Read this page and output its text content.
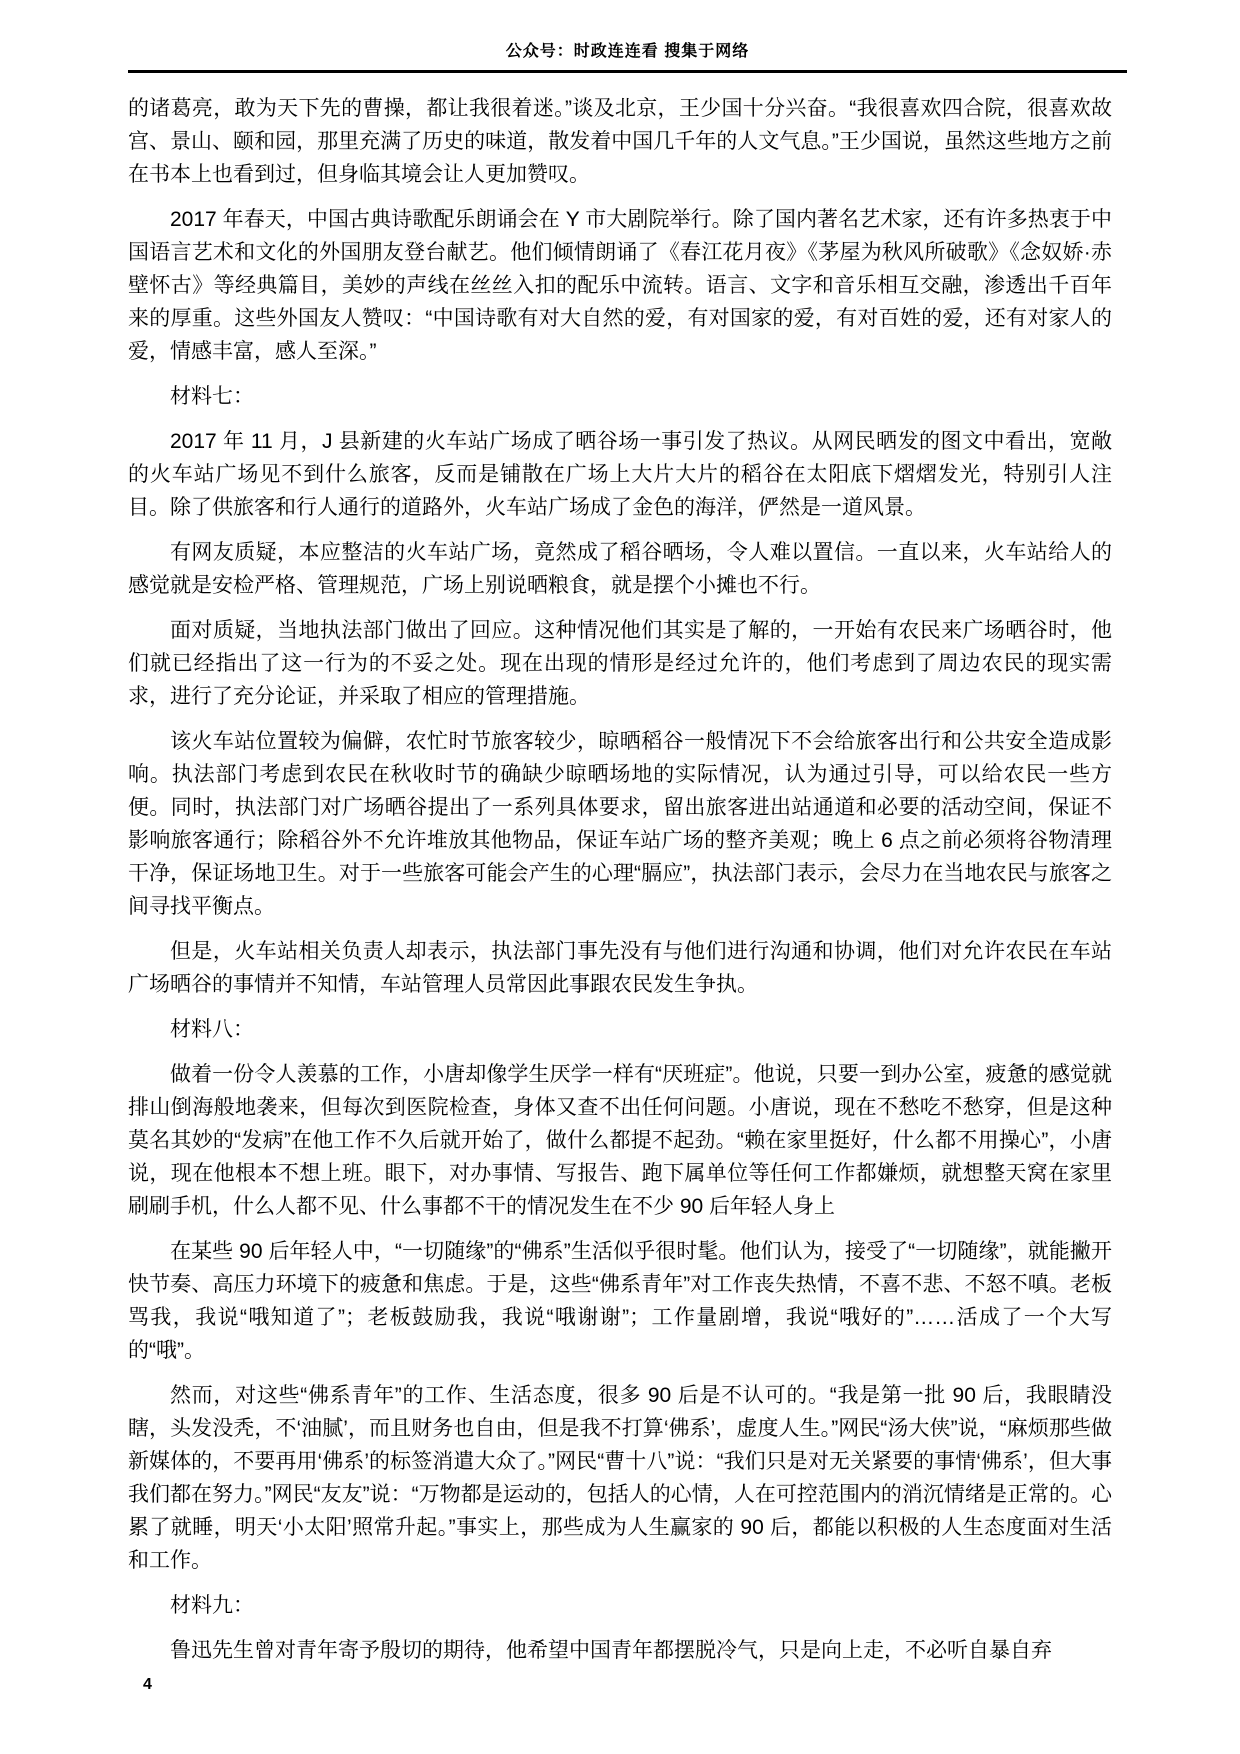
公众号：时政连连看 搜集于网络

的诸葛亮，敢为天下先的曹操，都让我很着迷。”谈及北京，王少国十分兴奋。“我很喜欢四合院，很喜欢故宫、景山、颐和园，那里充满了历史的味道，散发着中国几千年的人文气息。”王少国说，虽然这些地方之前在书本上也看到过，但身临其境会让人更加赞叹。

2017 年春天，中国古典诗歌配乐朗诵会在 Y 市大剧院举行。除了国内著名艺术家，还有许多热衷于中国语言艺术和文化的外国朋友登台献艺。他们倾情朗诵了《春江花月夜》《茅屋为秋风所破歌》《念奴娇·赤壁怀古》等经典篇目，美妙的声线在丝丝入扣的配乐中流转。语言、文字和音乐相互交融，渗透出千百年来的厚重。这些外国友人赞叹：“中国诗歌有对大自然的爱，有对国家的爱，有对百姓的爱，还有对家人的爱，情感丰富，感人至深。”

材料七：

2017 年 11 月，J 县新建的火车站广场成了晒谷场一事引发了热议。从网民晒发的图文中看出，宽敞的火车站广场见不到什么旅客，反而是铺散在广场上大片大片的稻谷在太阳底下熠熠发光，特别引人注目。除了供旅客和行人通行的道路外，火车站广场成了金色的海洋，俨然是一道风景。

有网友质疑，本应整洁的火车站广场，竟然成了稻谷晒场，令人难以置信。一直以来，火车站给人的感觉就是安检严格、管理规范，广场上别说晒粮食，就是摆个小摊也不行。

面对质疑，当地执法部门做出了回应。这种情况他们其实是了解的，一开始有农民来广场晒谷时，他们就已经指出了这一行为的不妥之处。现在出现的情形是经过允许的，他们考虑到了周边农民的现实需求，进行了充分论证，并采取了相应的管理措施。

该火车站位置较为偏僻，农忙时节旅客较少，晾晒稻谷一般情况下不会给旅客出行和公共安全造成影响。执法部门考虑到农民在秋收时节的确缺少晾晒场地的实际情况，认为通过引导，可以给农民一些方便。同时，执法部门对广场晒谷提出了一系列具体要求，留出旅客进出站通道和必要的活动空间，保证不影响旅客通行；除稻谷外不允许堆放其他物品，保证车站广场的整齐美观；晚上 6 点之前必须将谷物清理干净，保证场地卫生。对于一些旅客可能会产生的心理“膈应”，执法部门表示，会尽力在当地农民与旅客之间寻找平衡点。

但是，火车站相关负责人却表示，执法部门事先没有与他们进行沟通和协调，他们对允许农民在车站广场晒谷的事情并不知情，车站管理人员常因此事跟农民发生争执。

材料八：

做着一份令人羡慕的工作，小唐却像学生厌学一样有“厌班症”。他说，只要一到办公室，疲惫的感觉就排山倒海般地袭来，但每次到医院检查，身体又查不出任何问题。小唐说，现在不愁吃不愁穿，但是这种莫名其妙的“发病”在他工作不久后就开始了，做什么都提不起劲。“赖在家里挺好，什么都不用操心”，小唐说，现在他根本不想上班。眼下，对办事情、写报告、跑下属单位等任何工作都嫌烦，就想整天窝在家里刷刷手机，什么人都不见、什么事都不干的情况发生在不少 90 后年轻人身上

在某些 90 后年轻人中，“一切随缘”的“佛系”生活似乎很时髦。他们认为，接受了“一切随缘”，就能撇开快节奏、高压力环境下的疲惫和焦虑。于是，这些“佛系青年”对工作丧失热情，不喜不悲、不怒不嗔。老板骂我，我说“哦知道了”；老板鼓励我，我说“哦谢谢”；工作量剧增，我说“哦好的”……活成了一个大写的“哦”。

然而，对这些“佛系青年”的工作、生活态度，很多 90 后是不认可的。“我是第一批 90 后，我眼睛没瞎，头发没秃，不‘油腻’，而且财务也自由，但是我不打算‘佛系’，虚度人生。”网民“汤大侠”说，“麻烦那些做新媒体的，不要再用‘佛系’的标签消遣大众了。”网民“曹十八”说：“我们只是对无关紧要的事情‘佛系’，但大事我们都在努力。”网民“友友”说：“万物都是运动的，包括人的心情，人在可控范围内的消沉情绪是正常的。心累了就睡，明天‘小太阳’照常升起。”事实上，那些成为人生赢家的 90 后，都能以积极的人生态度面对生活和工作。

材料九：

鲁迅先生曾对青年寄予殷切的期待，他希望中国青年都摆脱冷气，只是向上走，不必听自暴自弃

4
